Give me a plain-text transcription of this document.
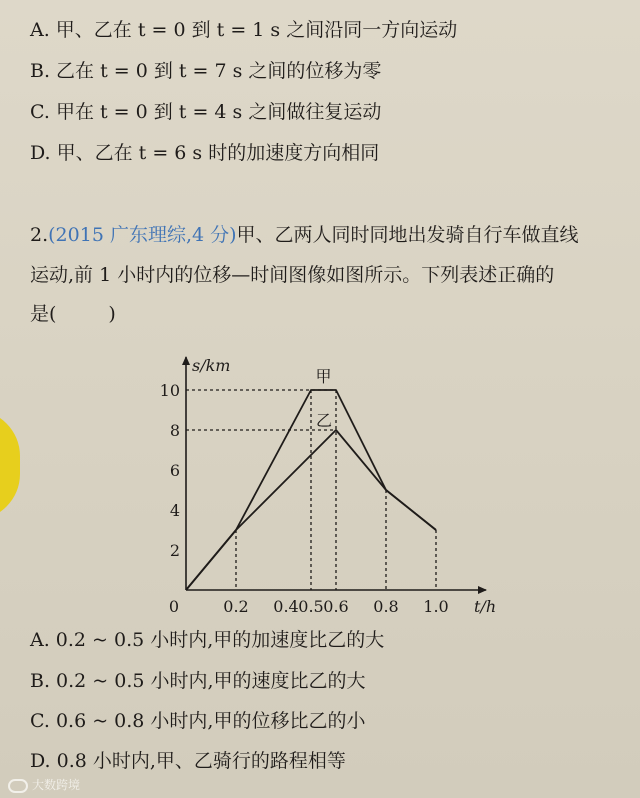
A. 甲、乙在 t = 0 到 t = 1 s 之间沿同一方向运动
B. 乙在 t = 0 到 t = 7 s 之间的位移为零
C. 甲在 t = 0 到 t = 4 s 之间做往复运动
D. 甲、乙在 t = 6 s 时的加速度方向相同
2.(2015 广东理综,4 分)甲、乙两人同时同地出发骑自行车做直线
运动,前 1 小时内的位移—时间图像如图所示。下列表述正确的
是(	)
甲
乙
2
4
6
8
10
0.2 0.4 0.5 0.6 0.8 1.0
0
s/km
t/h
A. 0.2 ~ 0.5 小时内,甲的加速度比乙的大
B. 0.2 ~ 0.5 小时内,甲的速度比乙的大
C. 0.6 ~ 0.8 小时内,甲的位移比乙的小
D. 0.8 小时内,甲、乙骑行的路程相等
大数跨境
